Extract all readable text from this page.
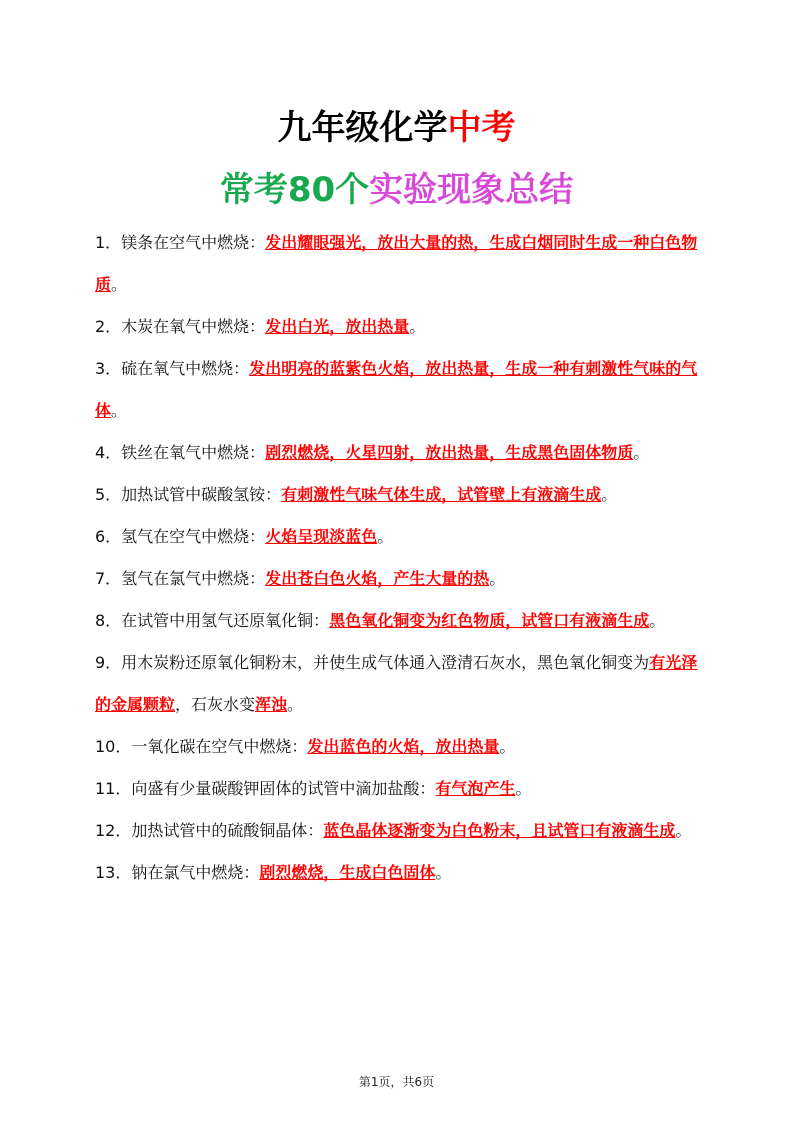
九年级化学中考
常考80个实验现象总结

1．镁条在空气中燃烧：发出耀眼强光，放出大量的热，生成白烟同时生成一种白色物质。

2．木炭在氧气中燃烧：发出白光，放出热量。

3．硫在氧气中燃烧：发出明亮的蓝紫色火焰，放出热量，生成一种有刺激性气味的气体。

4．铁丝在氧气中燃烧：剧烈燃烧，火星四射，放出热量，生成黑色固体物质。

5．加热试管中碳酸氢铵：有刺激性气味气体生成，试管壁上有液滴生成。

6．氢气在空气中燃烧：火焰呈现淡蓝色。

7．氢气在氯气中燃烧：发出苍白色火焰，产生大量的热。

8．在试管中用氢气还原氧化铜：黑色氧化铜变为红色物质，试管口有液滴生成。

9．用木炭粉还原氧化铜粉末，并使生成气体通入澄清石灰水，黑色氧化铜变为有光泽的金属颗粒，石灰水变浑浊。

10．一氧化碳在空气中燃烧：发出蓝色的火焰，放出热量。

11．向盛有少量碳酸钾固体的试管中滴加盐酸：有气泡产生。

12．加热试管中的硫酸铜晶体：蓝色晶体逐渐变为白色粉末，且试管口有液滴生成。

13．钠在氯气中燃烧：剧烈燃烧，生成白色固体。

第1页，共6页
